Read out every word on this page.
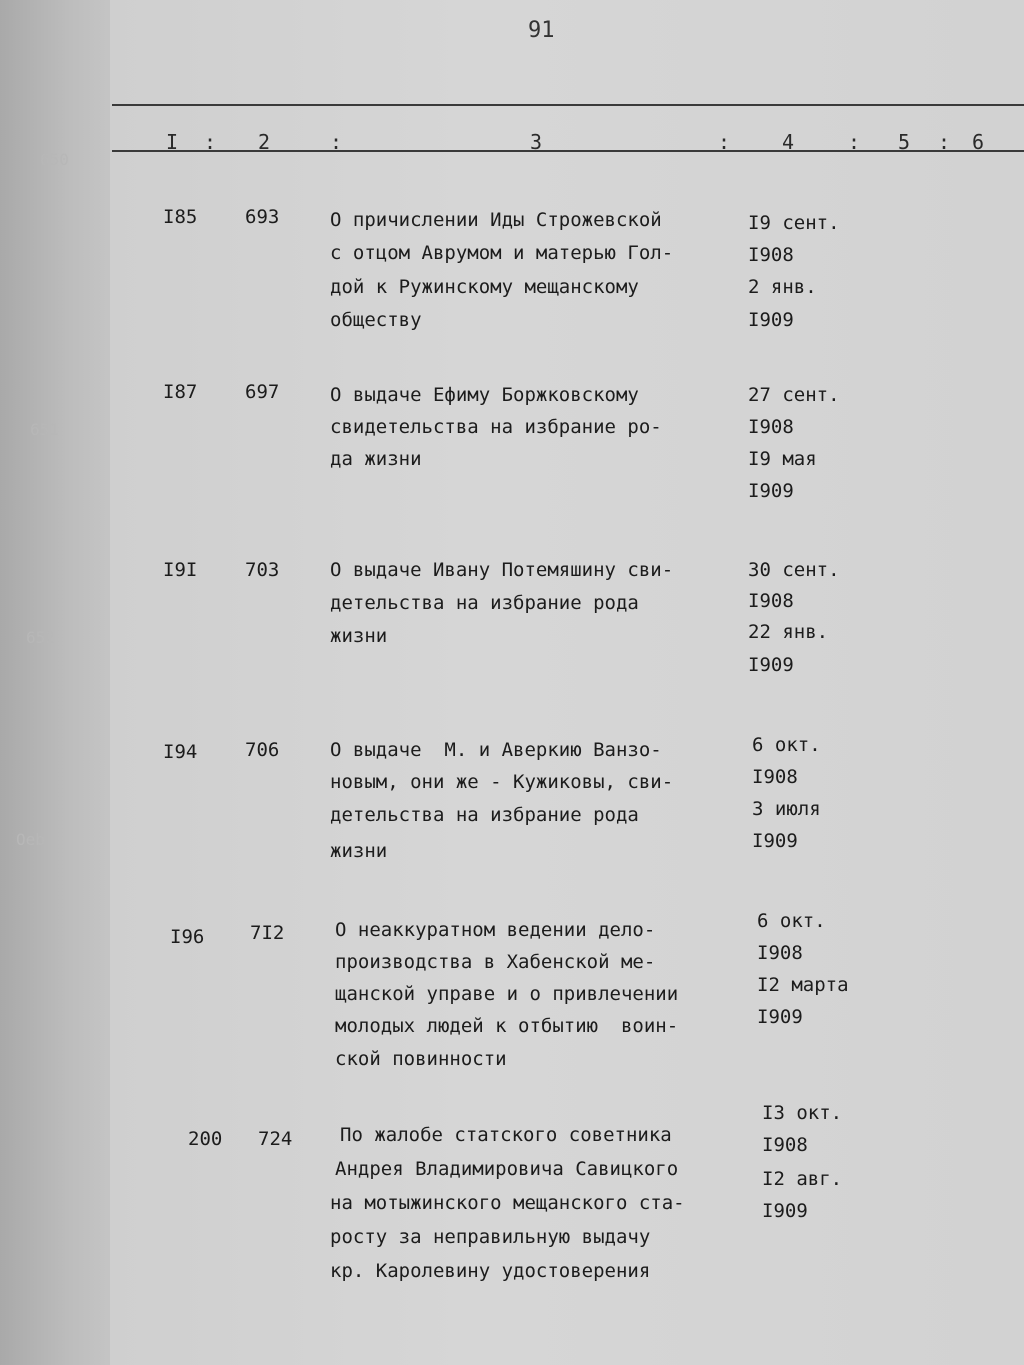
91
I : 2	:	3	:	4	: 5 : 6
650
651
652
Oeb
I85	693	О причислении Иды Строжевской
с отцом Аврумом и матерью Гол-
дой к Ружинскому мещанскому
обществу
I9 сент.
I908
2 янв.
I909
I87	697	О выдаче Ефиму Боржковскому
свидетельства на избрание ро-
да жизни
27 сент.
I908
I9 мая
I909
I9I	703	О выдаче Ивану Потемяшину сви-
детельства на избрание рода
жизни
30 сент.
I908
22 янв.
I909
I94	706	О выдаче  М. и Аверкию Ванзо-
новым, они же - Кужиковы, сви-
детельства на избрание рода
жизни
6 окт.
I908
3 июля
I909
I96 7I2	О неаккуратном ведении дело-
производства в Хабенской ме-
щанской управе и о привлечении
молодых людей к отбытию  воин-
ской повинности
6 окт.
I908
I2 марта
I909
200 724	По жалобе статского советника
Андрея Владимировича Савицкого
на мотыжинского мещанского ста-
росту за неправильную выдачу
кр. Каролевину удостоверения
I3 окт.
I908
I2 авг.
I909
